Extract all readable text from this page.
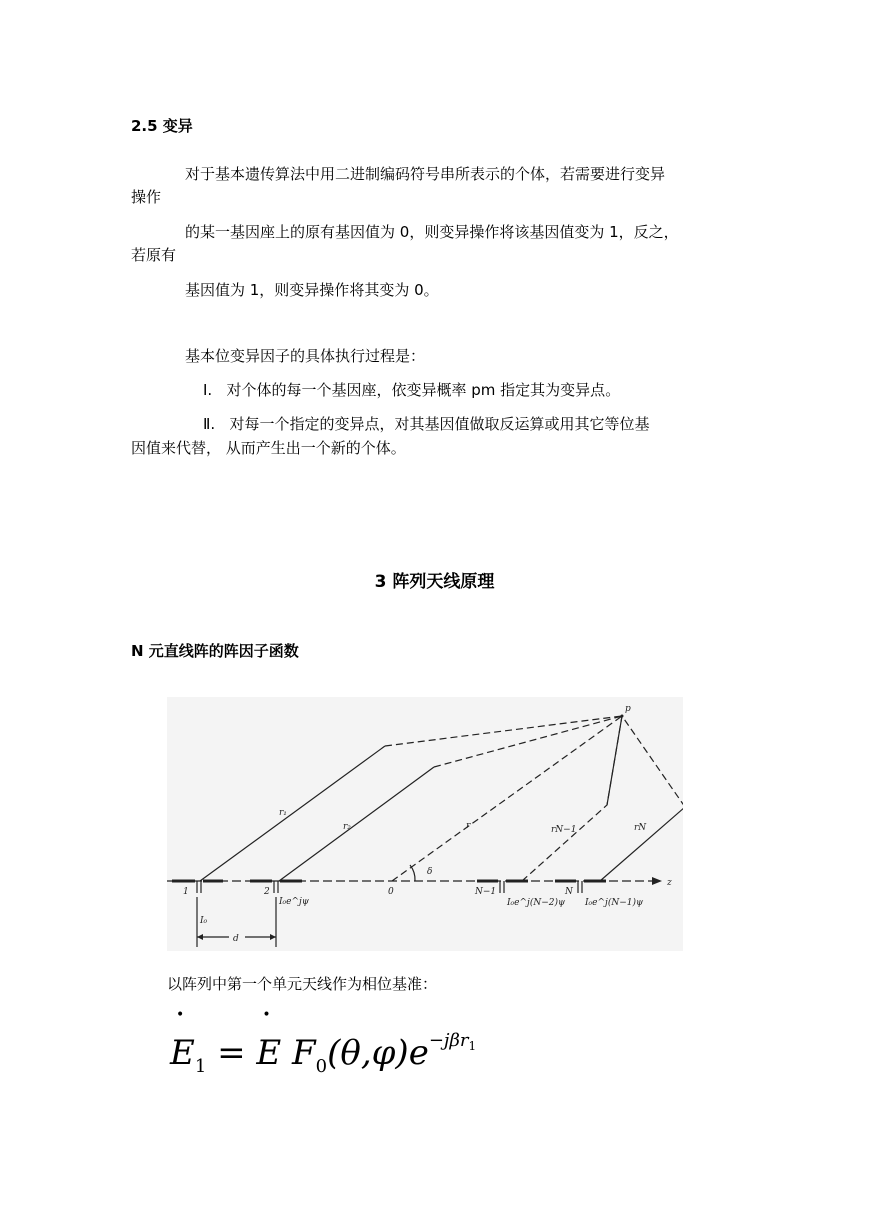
2.5 变异
对于基本遗传算法中用二进制编码符号串所表示的个体，若需要进行变异
操作
的某一基因座上的原有基因值为 0，则变异操作将该基因值变为 1，反之，
若原有
基因值为 1，则变异操作将其变为 0。
基本位变异因子的具体执行过程是：
Ⅰ. 对个体的每一个基因座，依变异概率 pm 指定其为变异点。
Ⅱ. 对每一个指定的变异点，对其基因值做取反运算或用其它等位基
因值来代替， 从而产生出一个新的个体。
3 阵列天线原理
N 元直线阵的阵因子函数
p
r₁
r₂	r	rN−1	rN
δ
z
1	2	0	N−1	N
I₀
I₀e^jψ	I₀e^j(N−2)ψ I₀e^j(N−1)ψ
d
以阵列中第一个单元天线作为相位基准：
• $E_1$ = • E $F_0(\theta,\varphi)e^{-j\beta r1}$
